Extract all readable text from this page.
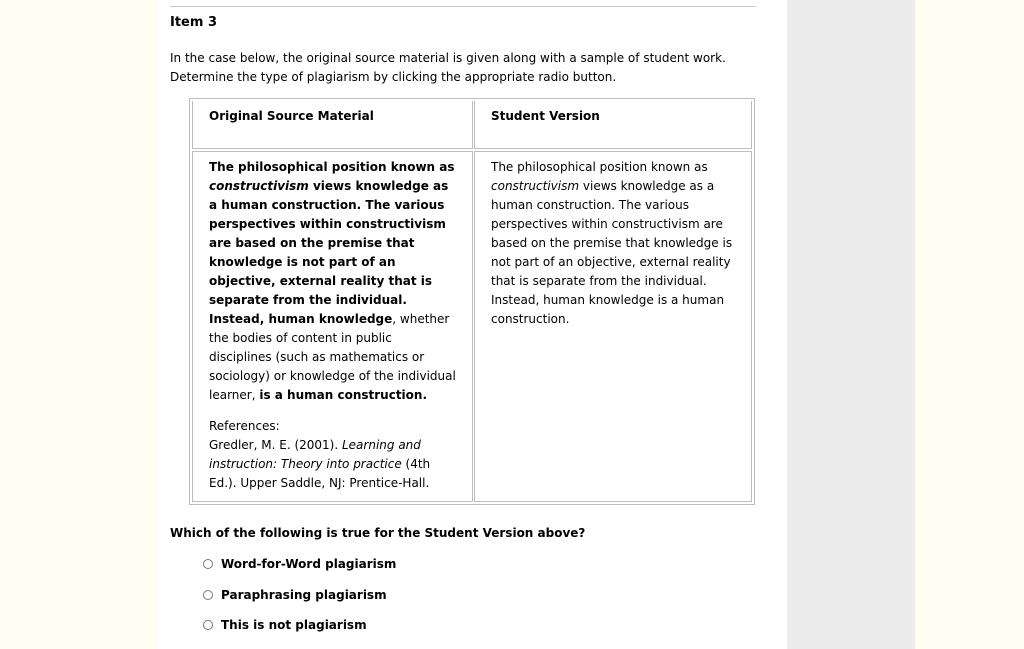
Item 3
In the case below, the original source material is given along with a sample of student work.
Determine the type of plagiarism by clicking the appropriate radio button.
Original Source Material	Student Version
The philosophical position known as constructivism views knowledge as a human construction. The various perspectives within constructivism are based on the premise that knowledge is not part of an objective, external reality that is separate from the individual. Instead, human knowledge, whether the bodies of content in public disciplines (such as mathematics or sociology) or knowledge of the individual learner, is a human construction.
References:
Gredler, M. E. (2001). Learning and instruction: Theory into practice (4th Ed.). Upper Saddle, NJ: Prentice-Hall.
The philosophical position known as constructivism views knowledge as a human construction. The various perspectives within constructivism are based on the premise that knowledge is not part of an objective, external reality that is separate from the individual. Instead, human knowledge is a human construction.
Which of the following is true for the Student Version above?
Word-for-Word plagiarism
Paraphrasing plagiarism
This is not plagiarism
